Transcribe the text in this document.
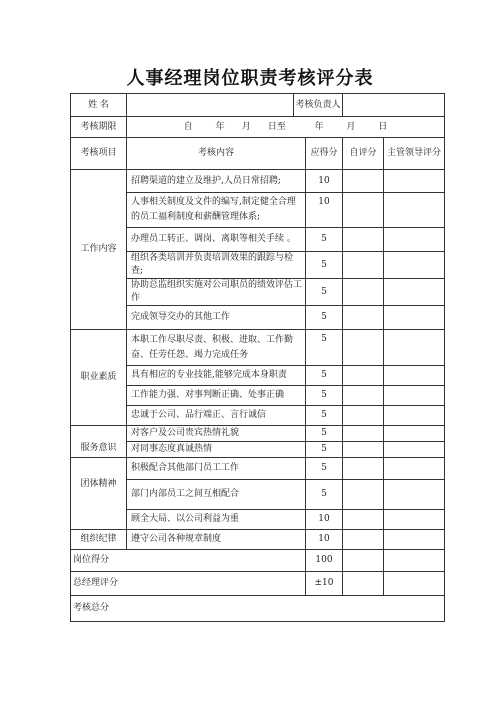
人事经理岗位职责考核评分表
姓 名		考核负责人			
考核期限	自        年      月      日至          年        月        日				
考核项目	考核内容		应得分	自评分	主管领导评分
工作内容	招聘渠道的建立及维护,人员日常招聘;		10		
	人事相关制度及文件的编写,制定健全合理的员工福利制度和薪酬管理体系;		10		
	办理员工转正、调岗、离职等相关手续 。		5		
	组织各类培训并负责培训效果的跟踪与检查;		5		
	协助总监组织实施对公司职员的绩效评估工作		5		
	完成领导交办的其他工作		5		
职业素质	本职工作尽职尽责、积极、进取、工作勤奋、任劳任怨、竭力完成任务		5		
	具有相应的专业技能,能够完成本身职责		5		
	工作能力强、对事判断正确、处事正确		5		
	忠诚于公司、品行端正、言行诚信		5		
服务意识	对客户及公司贵宾热情礼貌		5		
	对同事态度真诚热情		5		
团体精神	积极配合其他部门员工工作		5		
	部门内部员工之间互相配合		5		
	顾全大局、以公司利益为重		10		
组织纪律	遵守公司各种规章制度		10		
岗位得分			100		
总经理评分			±10		
考核总分					
